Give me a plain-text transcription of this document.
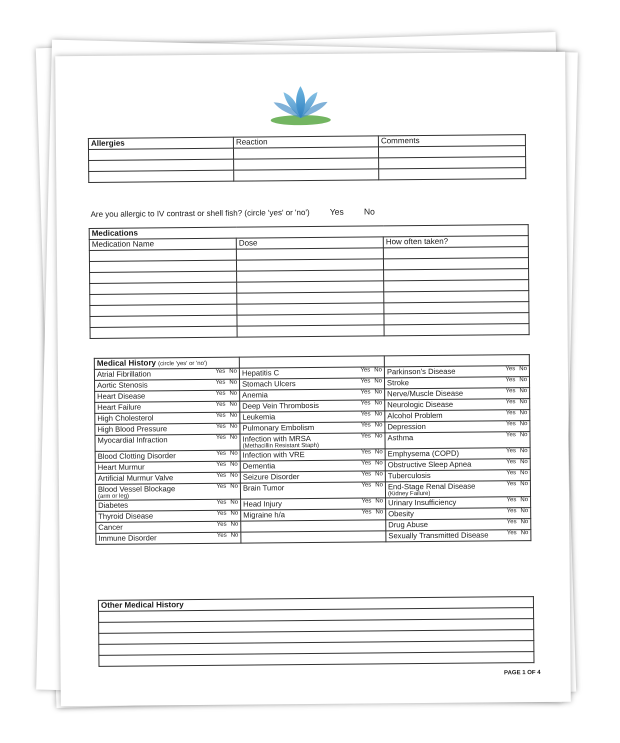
Allergies	Reaction	Comments

Are you allergic to IV contrast or shell fish? (circle 'yes' or 'no') Yes No
Medications		
Medication Name	Dose	How often taken?

Medical History (circle 'yes' or 'no')		

Atrial Fibrillation Yes No	Hepatitis C Yes No	Parkinson's Disease Yes No

Aortic Stenosis Yes No	Stomach Ulcers Yes No	Stroke Yes No

Heart Disease Yes No	Anemia Yes No	Nerve/Muscle Disease Yes No

Heart Failure Yes No	Deep Vein Thrombosis Yes No	Neurologic Disease Yes No

High Cholesterol Yes No	Leukemia Yes No	Alcohol Problem Yes No

High Blood Pressure Yes No	Pulmonary Embolism Yes No	Depression Yes No

Myocardial Infraction Yes No	Infection with MRSA
(Methacillin Resistant Staph)
Yes No	Asthma Yes No

Blood Clotting Disorder Yes No	Infection with VRE Yes No	Emphysema (COPD) Yes No

Heart Murmur Yes No	Dementia Yes No	Obstructive Sleep Apnea Yes No

Artificial Murmur Valve Yes No	Seizure Disorder Yes No	Tuberculosis Yes No

Blood Vessel Blockage
(arm or leg)
Yes No	Brain Tumor Yes No	End-Stage Renal Disease
(Kidney Failure)
Yes No

Diabetes Yes No	Head Injury Yes No	Urinary Insufficiency Yes No

Thyroid Disease Yes No	Migraine h/a Yes No	Obesity Yes No

Cancer Yes No		Drug Abuse Yes No

Immune Disorder Yes No		Sexually Transmitted Disease Yes No
Other Medical History

PAGE 1 OF 4
